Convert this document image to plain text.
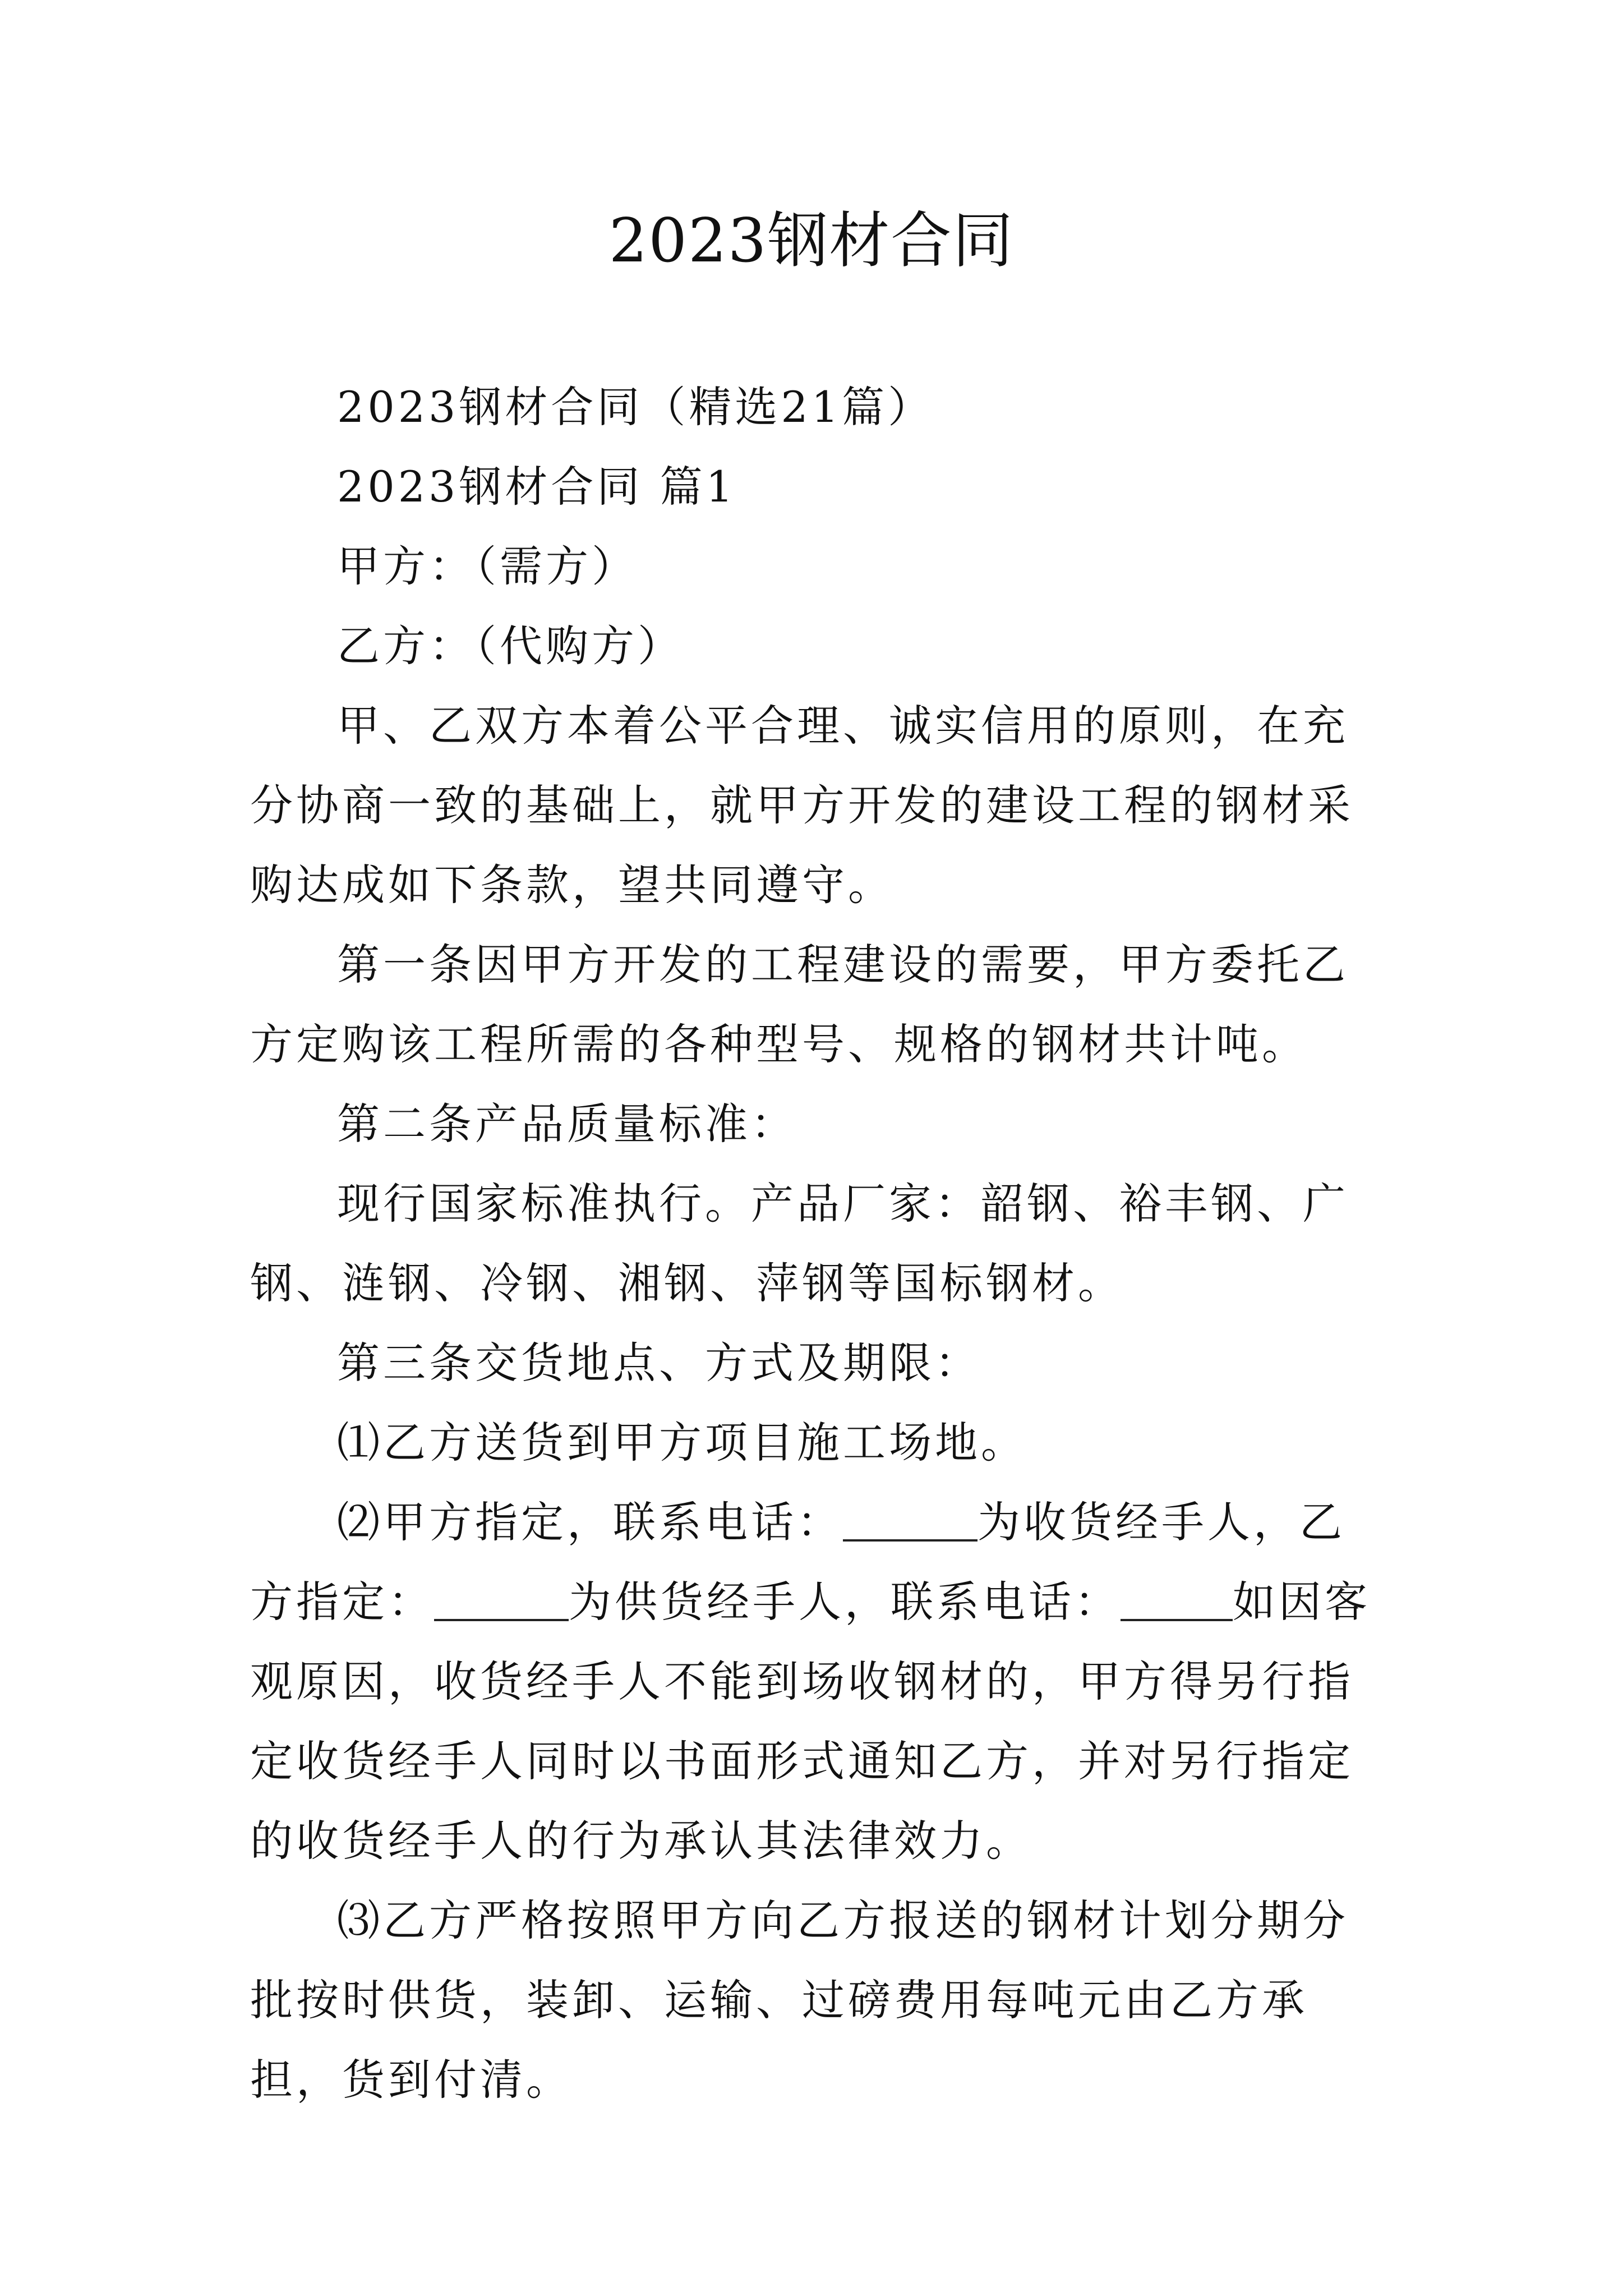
2023钢材合同

2023钢材合同（精选21篇）

2023钢材合同 篇1

甲方：（需方）

乙方：（代购方）

甲、乙双方本着公平合理、诚实信用的原则，在充分协商一致的基础上，就甲方开发的建设工程的钢材采购达成如下条款，望共同遵守。

第一条因甲方开发的工程建设的需要，甲方委托乙方定购该工程所需的各种型号、规格的钢材共计吨。

第二条产品质量标准：

现行国家标准执行。产品厂家：韶钢、裕丰钢、广钢、涟钢、冷钢、湘钢、萍钢等国标钢材。

第三条交货地点、方式及期限：

⑴乙方送货到甲方项目施工场地。

⑵甲方指定，联系电话：	为收货经手人，乙方指定：	为供货经手人，联系电话：	如因客观原因，收货经手人不能到场收钢材的，甲方得另行指定收货经手人同时以书面形式通知乙方，并对另行指定的收货经手人的行为承认其法律效力。

⑶乙方严格按照甲方向乙方报送的钢材计划分期分批按时供货，装卸、运输、过磅费用每吨元由乙方承担，货到付清。
